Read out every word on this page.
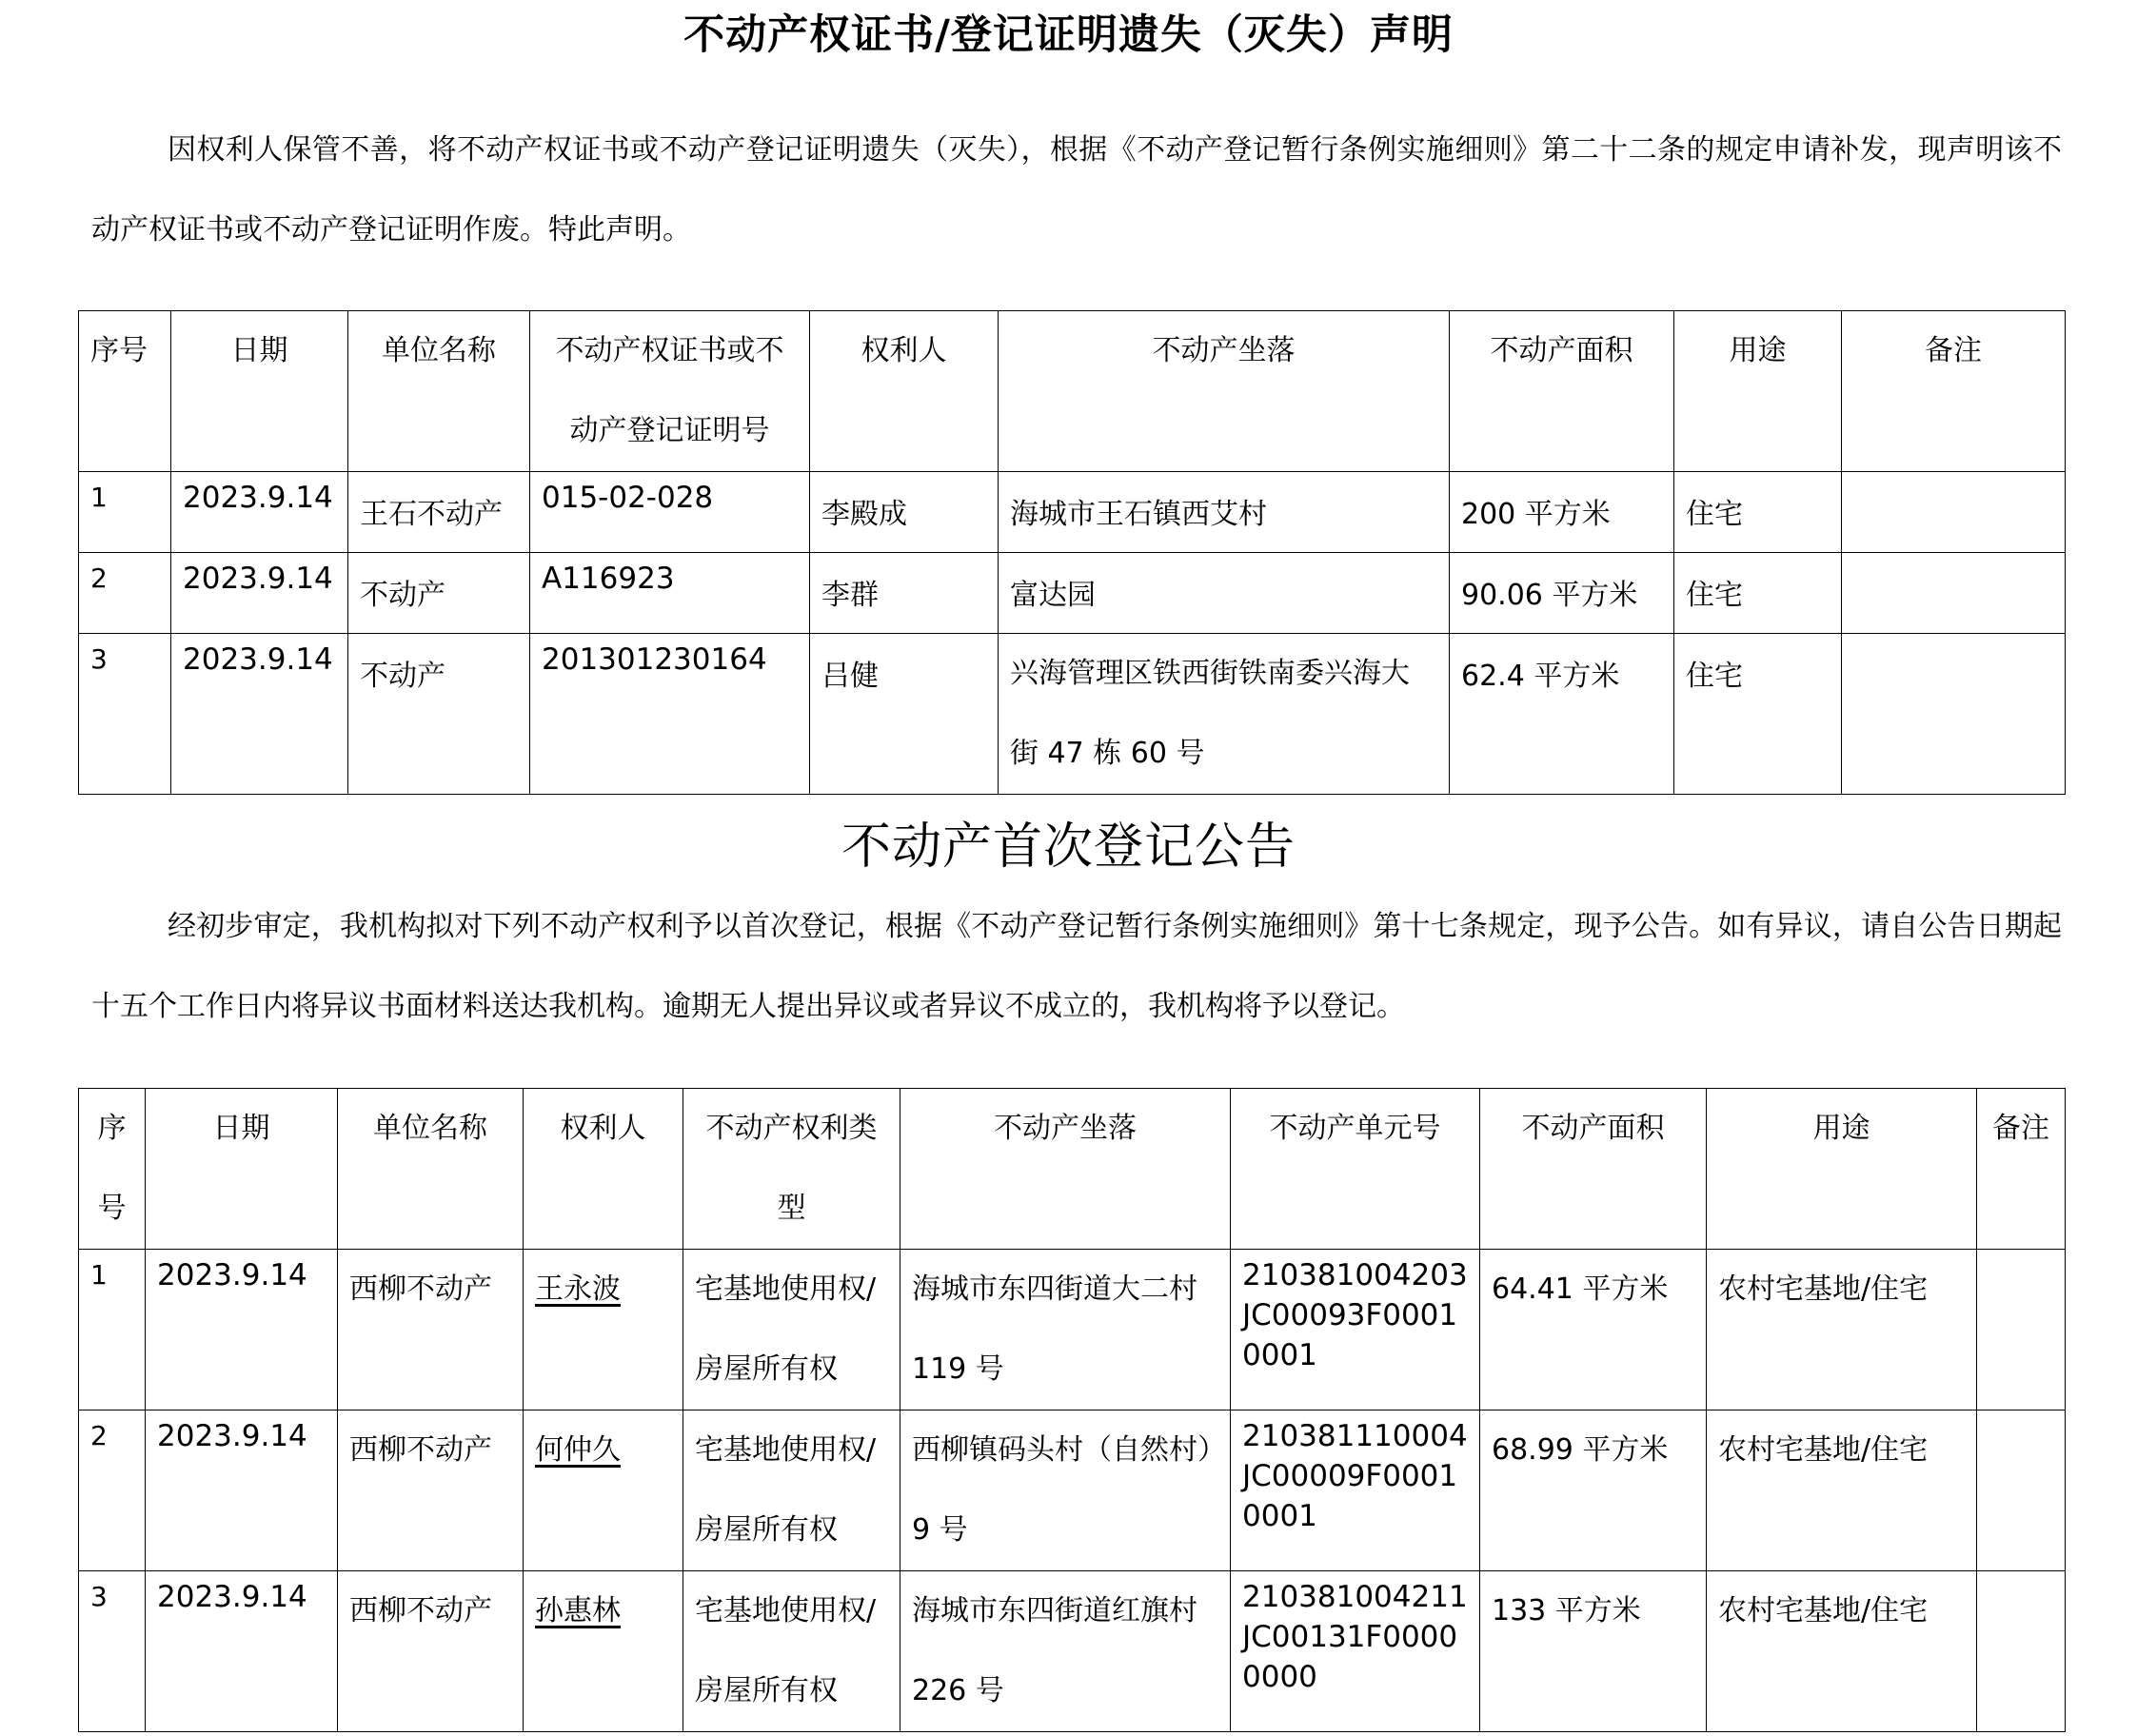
不动产权证书/登记证明遗失（灭失）声明
因权利人保管不善，将不动产权证书或不动产登记证明遗失（灭失），根据《不动产登记暂行条例实施细则》第二十二条的规定申请补发，现声明该不动产权证书或不动产登记证明作废。特此声明。
序号	日期	单位名称	不动产权证书或不动产登记证明号	权利人	不动产坐落	不动产面积	用途	备注
1	2023.9.14	王石不动产	015-02-028	李殿成	海城市王石镇西艾村	200 平方米	住宅	
2	2023.9.14	不动产	A116923	李群	富达园	90.06 平方米	住宅	
3	2023.9.14	不动产	201301230164	吕健	兴海管理区铁西街铁南委兴海大街 47 栋 60 号	62.4 平方米	住宅	
不动产首次登记公告
经初步审定，我机构拟对下列不动产权利予以首次登记，根据《不动产登记暂行条例实施细则》第十七条规定，现予公告。如有异议，请自公告日期起十五个工作日内将异议书面材料送达我机构。逾期无人提出异议或者异议不成立的，我机构将予以登记。
序号	日期	单位名称	权利人	不动产权利类型	不动产坐落	不动产单元号	不动产面积	用途	备注
1	2023.9.14	西柳不动产	王永波	宅基地使用权/房屋所有权	海城市东四街道大二村 119 号	210381004203JC00093F00010001	64.41 平方米	农村宅基地/住宅	
2	2023.9.14	西柳不动产	何仲久	宅基地使用权/房屋所有权	西柳镇码头村（自然村）9 号	210381110004JC00009F00010001	68.99 平方米	农村宅基地/住宅	
3	2023.9.14	西柳不动产	孙惠林	宅基地使用权/房屋所有权	海城市东四街道红旗村 226 号	210381004211JC00131F00000000	133 平方米	农村宅基地/住宅	
